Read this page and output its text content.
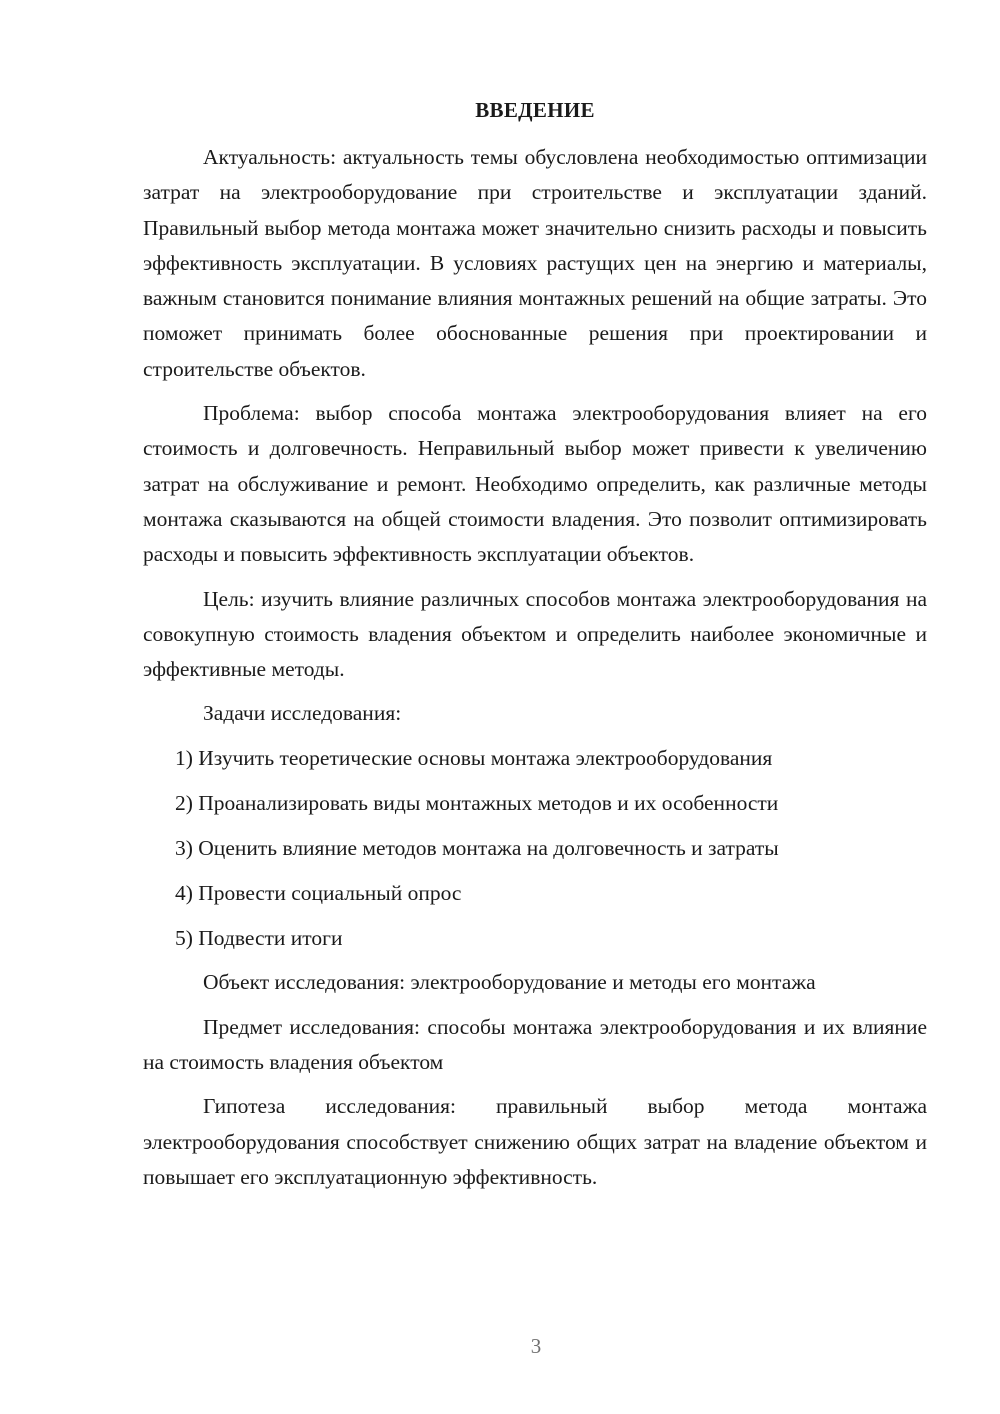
ВВЕДЕНИЕ

Актуальность: актуальность темы обусловлена необходимостью оптимизации затрат на электрооборудование при строительстве и эксплуатации зданий. Правильный выбор метода монтажа может значительно снизить расходы и повысить эффективность эксплуатации. В условиях растущих цен на энергию и материалы, важным становится понимание влияния монтажных решений на общие затраты. Это поможет принимать более обоснованные решения при проектировании и строительстве объектов.

Проблема: выбор способа монтажа электрооборудования влияет на его стоимость и долговечность. Неправильный выбор может привести к увеличению затрат на обслуживание и ремонт. Необходимо определить, как различные методы монтажа сказываются на общей стоимости владения. Это позволит оптимизировать расходы и повысить эффективность эксплуатации объектов.

Цель: изучить влияние различных способов монтажа электрооборудования на совокупную стоимость владения объектом и определить наиболее экономичные и эффективные методы.

Задачи исследования:

1) Изучить теоретические основы монтажа электрооборудования
2) Проанализировать виды монтажных методов и их особенности
3) Оценить влияние методов монтажа на долговечность и затраты
4) Провести социальный опрос
5) Подвести итоги

Объект исследования: электрооборудование и методы его монтажа

Предмет исследования: способы монтажа электрооборудования и их влияние на стоимость владения объектом

Гипотеза исследования: правильный выбор метода монтажа электрооборудования способствует снижению общих затрат на владение объектом и повышает его эксплуатационную эффективность.

3
